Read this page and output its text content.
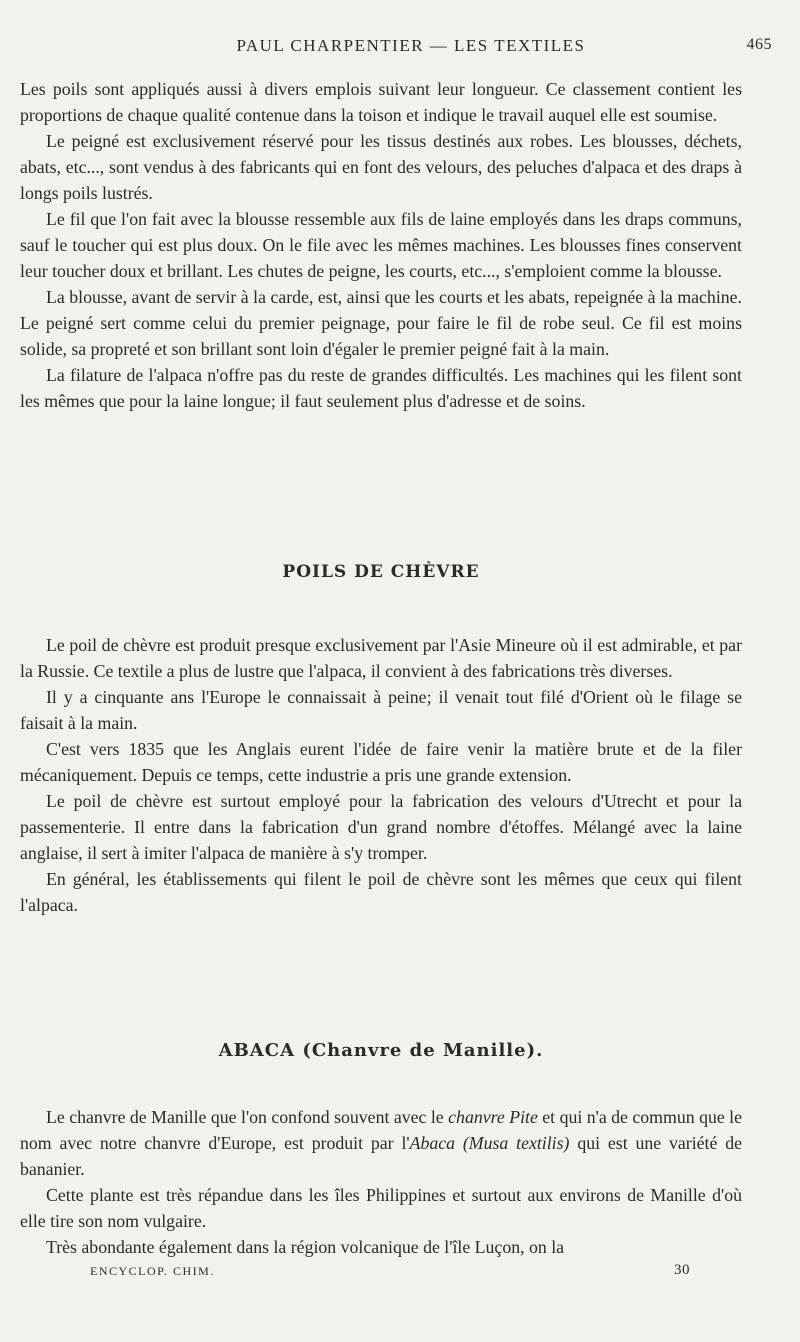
PAUL CHARPENTIER — LES TEXTILES	465

Les poils sont appliqués aussi à divers emplois suivant leur longueur. Ce classement contient les proportions de chaque qualité contenue dans la toison et indique le travail auquel elle est soumise.

Le peigné est exclusivement réservé pour les tissus destinés aux robes. Les blousses, déchets, abats, etc..., sont vendus à des fabricants qui en font des velours, des peluches d'alpaca et des draps à longs poils lustrés.

Le fil que l'on fait avec la blousse ressemble aux fils de laine employés dans les draps communs, sauf le toucher qui est plus doux. On le file avec les mêmes machines. Les blousses fines conservent leur toucher doux et brillant. Les chutes de peigne, les courts, etc..., s'emploient comme la blousse.

La blousse, avant de servir à la carde, est, ainsi que les courts et les abats, repeignée à la machine. Le peigné sert comme celui du premier peignage, pour faire le fil de robe seul. Ce fil est moins solide, sa propreté et son brillant sont loin d'égaler le premier peigné fait à la main.

La filature de l'alpaca n'offre pas du reste de grandes difficultés. Les machines qui les filent sont les mêmes que pour la laine longue; il faut seulement plus d'adresse et de soins.

POILS DE CHÈVRE

Le poil de chèvre est produit presque exclusivement par l'Asie Mineure où il est admirable, et par la Russie. Ce textile a plus de lustre que l'alpaca, il convient à des fabrications très diverses.

Il y a cinquante ans l'Europe le connaissait à peine; il venait tout filé d'Orient où le filage se faisait à la main.

C'est vers 1835 que les Anglais eurent l'idée de faire venir la matière brute et de la filer mécaniquement. Depuis ce temps, cette industrie a pris une grande extension.

Le poil de chèvre est surtout employé pour la fabrication des velours d'Utrecht et pour la passementerie. Il entre dans la fabrication d'un grand nombre d'étoffes. Mélangé avec la laine anglaise, il sert à imiter l'alpaca de manière à s'y tromper.

En général, les établissements qui filent le poil de chèvre sont les mêmes que ceux qui filent l'alpaca.

ABACA (Chanvre de Manille).

Le chanvre de Manille que l'on confond souvent avec le chanvre Pite et qui n'a de commun que le nom avec notre chanvre d'Europe, est produit par l'Abaca (Musa textilis) qui est une variété de bananier.

Cette plante est très répandue dans les îles Philippines et surtout aux environs de Manille d'où elle tire son nom vulgaire.

Très abondante également dans la région volcanique de l'île Luçon, on la

ENCYCLOP. CHIM.	30
